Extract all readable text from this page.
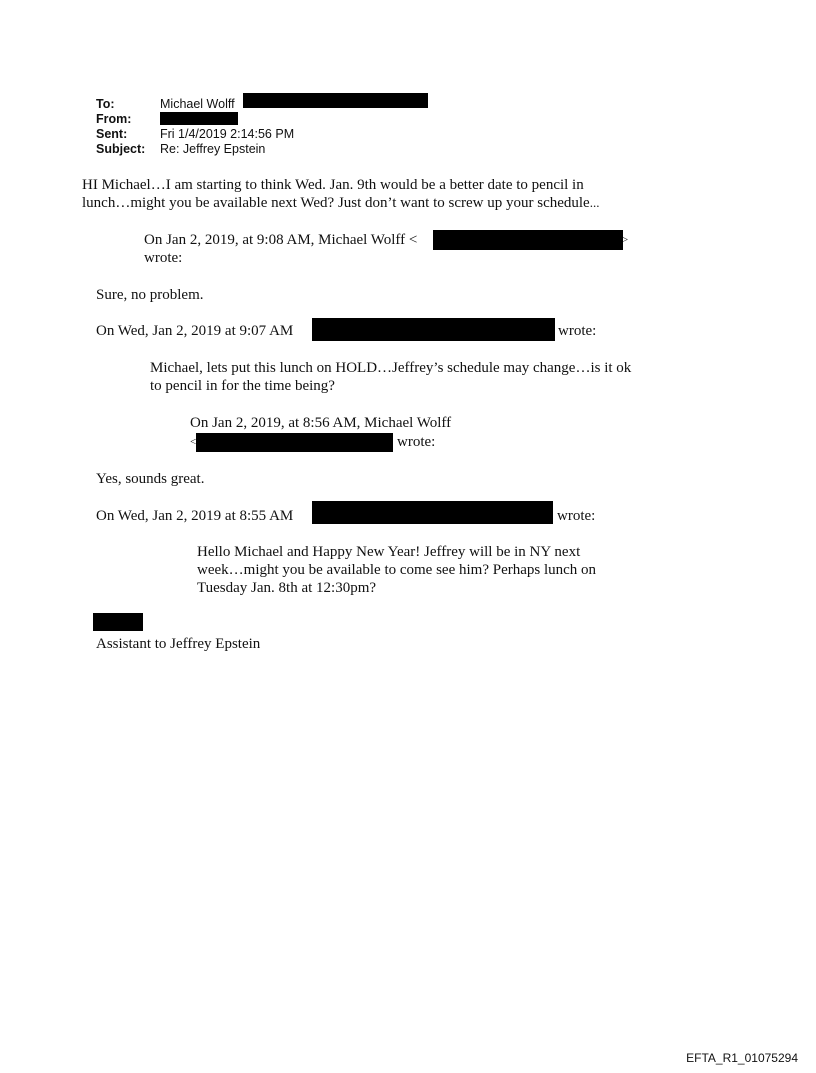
To:	Michael Wolff
From:
Sent:	Fri 1/4/2019 2:14:56 PM
Subject:	Re: Jeffrey Epstein
HI Michael…I am starting to think Wed. Jan. 9th would be a better date to pencil in
lunch…might you be available next Wed? Just don’t want to screw up your schedule...
On Jan 2, 2019, at 9:08 AM, Michael Wolff <	>
wrote:
Sure, no problem.
On Wed, Jan 2, 2019 at 9:07 AM	wrote:
Michael, lets put this lunch on HOLD…Jeffrey’s schedule may change…is it ok
to pencil in for the time being?
On Jan 2, 2019, at 8:56 AM, Michael Wolff
<	wrote:
Yes, sounds great.
On Wed, Jan 2, 2019 at 8:55 AM	wrote:
Hello Michael and Happy New Year! Jeffrey will be in NY next
week…might you be available to come see him? Perhaps lunch on
Tuesday Jan. 8th at 12:30pm?
Assistant to Jeffrey Epstein
EFTA_R1_01075294
